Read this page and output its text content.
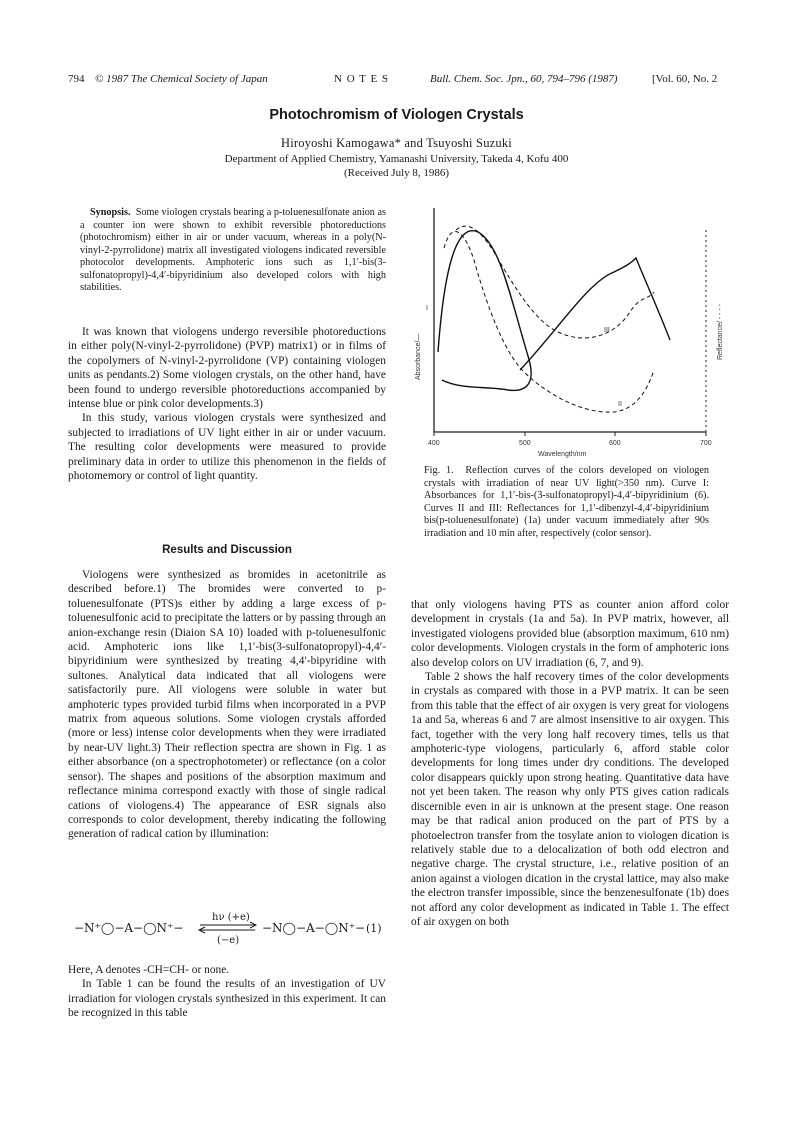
794 © 1987 The Chemical Society of Japan	N O T E S	Bull. Chem. Soc. Jpn., 60, 794–796 (1987)	[Vol. 60, No. 2
Photochromism of Viologen Crystals
Hiroyoshi Kamogawa* and Tsuyoshi Suzuki
Department of Applied Chemistry, Yamanashi University, Takeda 4, Kofu 400
(Received July 8, 1986)

Synopsis. Some viologen crystals bearing a p-toluenesulfonate anion as a counter ion were shown to exhibit reversible photoreductions (photochromism) either in air or under vacuum, whereas in a poly(N-vinyl-2-pyrrolidone) matrix all investigated viologens indicated reversible photocolor developments. Amphoteric ions such as 1,1′-bis(3-sulfonatopropyl)-4,4′-bipyridinium also developed colors with high stabilities.

It was known that viologens undergo reversible photoreductions in either poly(N-vinyl-2-pyrrolidone) (PVP) matrix1) or in films of the copolymers of N-vinyl-2-pyrrolidone (VP) containing viologen units as pendants.2) Some viologen crystals, on the other hand, have been found to undergo reversible photoreductions accompanied by intense blue or pink color developments.3)

In this study, various viologen crystals were synthesized and subjected to irradiations of UV light either in air or under vacuum. The resulting color developments were measured to provide preliminary data in order to utilize this phenomenon in the fields of photomemory or control of light quantity.

Results and Discussion

Viologens were synthesized as bromides in acetonitrile as described before.1) The bromides were converted to p-toluenesulfonate (PTS)s either by adding a large excess of p-toluenesulfonic acid to precipitate the latters or by passing through an anion-exchange resin (Diaion SA 10) loaded with p-toluenesulfonic acid. Amphoteric ions like 1,1′-bis(3-sulfonatopropyl)-4,4′-bipyridinium were synthesized by treating 4,4′-bipyridine with sultones. Analytical data indicated that all viologens were satisfactorily pure. All viologens were soluble in water but amphoteric types provided turbid films when incorporated in a PVP matrix from aqueous solutions. Some viologen crystals afforded (more or less) intense color developments when they were irradiated by near-UV light.3) Their reflection spectra are shown in Fig. 1 as either absorbance (on a spectrophotometer) or reflectance (on a color sensor). The shapes and positions of the absorption maximum and reflectance minima correspond exactly with those of single radical cations of viologens.4) The appearance of ESR signals also corresponds to color development, thereby indicating the following generation of radical cation by illumination:

−N⁺◯−A−◯N⁺−
hν (+e)
(−e)
−N◯−A−◯N⁺− (1)

Here, A denotes -CH=CH- or none.

In Table 1 can be found the results of an investigation of UV irradiation for viologen crystals synthesized in this experiment. It can be recognized in this table

400	500	600	700
Wavelength/nm
Absorbance/—	Reflectance/ - - - -
I
II
III
Fig. 1. Reflection curves of the colors developed on viologen crystals with irradiation of near UV light(>350 nm). Curve I: Absorbances for 1,1′-bis-(3-sulfonatopropyl)-4,4′-bipyridinium (6). Curves II and III: Reflectances for 1,1′-dibenzyl-4,4′-bipyridinium bis(p-toluenesulfonate) (1a) under vacuum immediately after 90s irradiation and 10 min after, respectively (color sensor).

that only viologens having PTS as counter anion afford color development in crystals (1a and 5a). In PVP matrix, however, all investigated viologens provided blue (absorption maximum, 610 nm) color developments. Viologen crystals in the form of amphoteric ions also develop colors on UV irradiation (6, 7, and 9).

Table 2 shows the half recovery times of the color developments in crystals as compared with those in a PVP matrix. It can be seen from this table that the effect of air oxygen is very great for viologens 1a and 5a, whereas 6 and 7 are almost insensitive to air oxygen. This fact, together with the very long half recovery times, tells us that amphoteric-type viologens, particularly 6, afford stable color developments for long times under dry conditions. The developed color disappears quickly upon strong heating. Quantitative data have not yet been taken. The reason why only PTS gives cation radicals discernible even in air is unknown at the present stage. One reason may be that radical anion produced on the part of PTS by a photoelectron transfer from the tosylate anion to viologen dication is relatively stable due to a delocalization of both odd electron and negative charge. The crystal structure, i.e., relative position of an anion against a viologen dication in the crystal lattice, may also make the electron transfer impossible, since the benzenesulfonate (1b) does not afford any color development as indicated in Table 1. The effect of air oxygen on both
